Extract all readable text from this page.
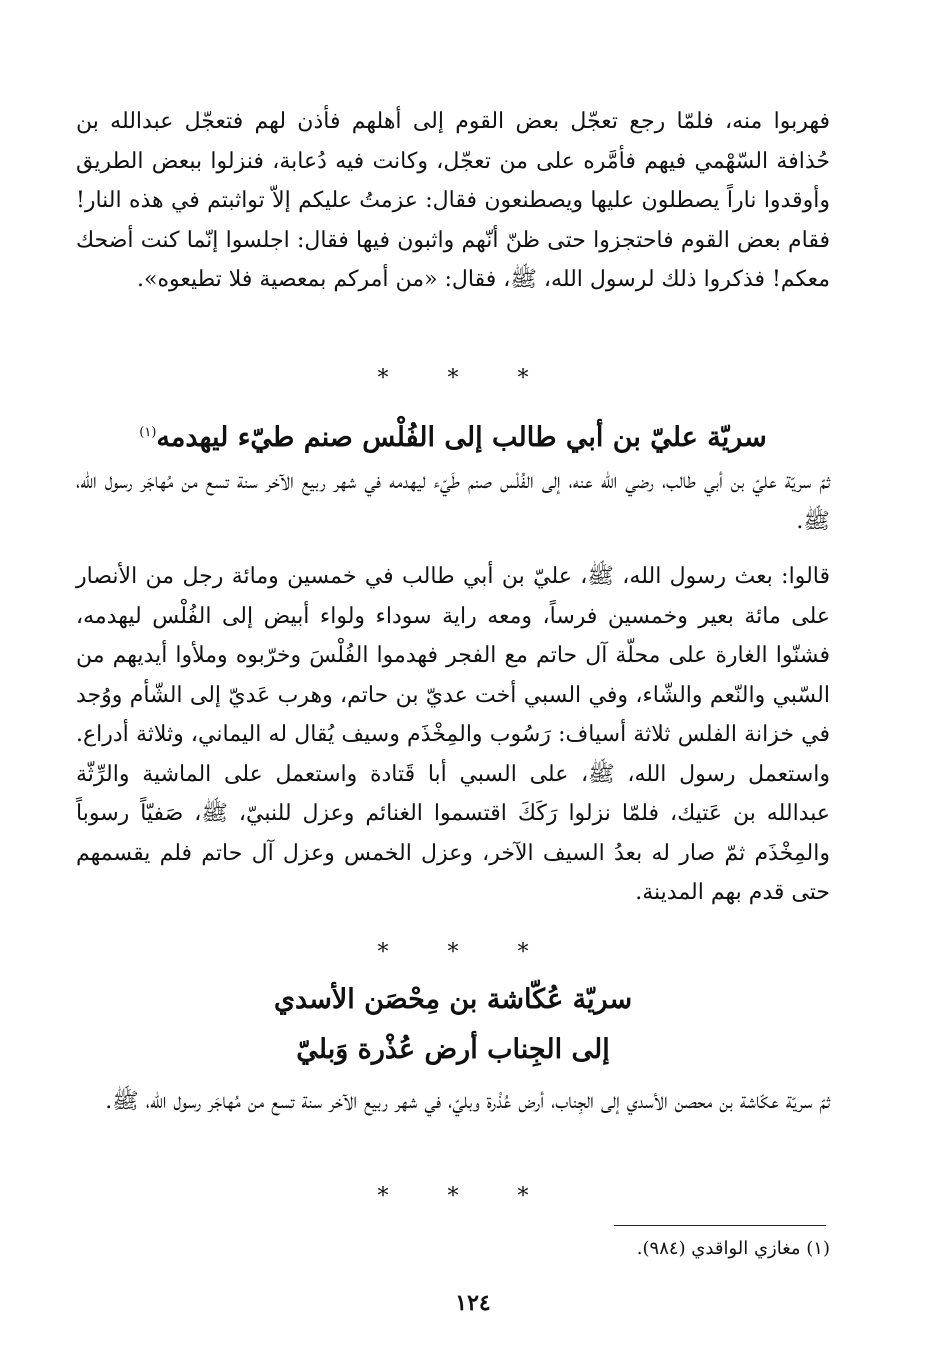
فهربوا منه، فلمّا رجع تعجّل بعض القوم إلى أهلهم فأذن لهم فتعجّل عبدالله بن حُذافة السّهْمي فيهم فأمَّره على من تعجّل، وكانت فيه دُعابة، فنزلوا ببعض الطريق وأوقدوا ناراً يصطلون عليها ويصطنعون فقال: عزمتُ عليكم إلاّ تواثبتم في هذه النار! فقام بعض القوم فاحتجزوا حتى ظنّ أنّهم واثبون فيها فقال: اجلسوا إنّما كنت أضحك معكم! فذكروا ذلك لرسول الله، ﷺ، فقال: «من أمركم بمعصية فلا تطيعوه».

*	*	*
سريّة عليّ بن أبي طالب إلى الفُلْس صنم طيّء ليهدمه$^{(١)}$

ثمّ سريّة عليّ بن أبي طالب، رضي الله عنه، إلى الفُلْس صنم طَيّء ليهدمه في شهر ربيع الآخر سنة تسع من مُهاجَر رسول الله، ﷺ.

قالوا: بعث رسول الله، ﷺ، عليّ بن أبي طالب في خمسين ومائة رجل من الأنصار على مائة بعير وخمسين فرساً، ومعه راية سوداء ولواء أبيض إلى الفُلْس ليهدمه، فشنّوا الغارة على محلّة آل حاتم مع الفجر فهدموا الفُلْسَ وخرّبوه وملأوا أيديهم من السّبي والنّعم والشّاء، وفي السبي أخت عديّ بن حاتم، وهرب عَديّ إلى الشّأم ووُجد في خزانة الفلس ثلاثة أسياف: رَسُوب والمِخْذَم وسيف يُقال له اليماني، وثلاثة أدراع. واستعمل رسول الله، ﷺ، على السبي أبا قَتادة واستعمل على الماشية والرِّثّة عبدالله بن عَتيك، فلمّا نزلوا رَكَكَ اقتسموا الغنائم وعزل للنبيّ، ﷺ، صَفيّاً رسوباً والمِخْذَم ثمّ صار له بعدُ السيف الآخر، وعزل الخمس وعزل آل حاتم فلم يقسمهم حتى قدم بهم المدينة.

*	*	*
سريّة عُكّاشة بن مِحْصَن الأسدي
إلى الجِناب أرض عُذْرة وَبليّ

ثمّ سريّة عكّاشة بن محصن الأسدي إلى الجِناب، أرض عُذْرة وبليّ، في شهر ربيع الآخر سنة تسع من مُهاجَر رسول الله، ﷺ.

*	*	*
(١) مغازي الواقدي (٩٨٤).
١٢٤
